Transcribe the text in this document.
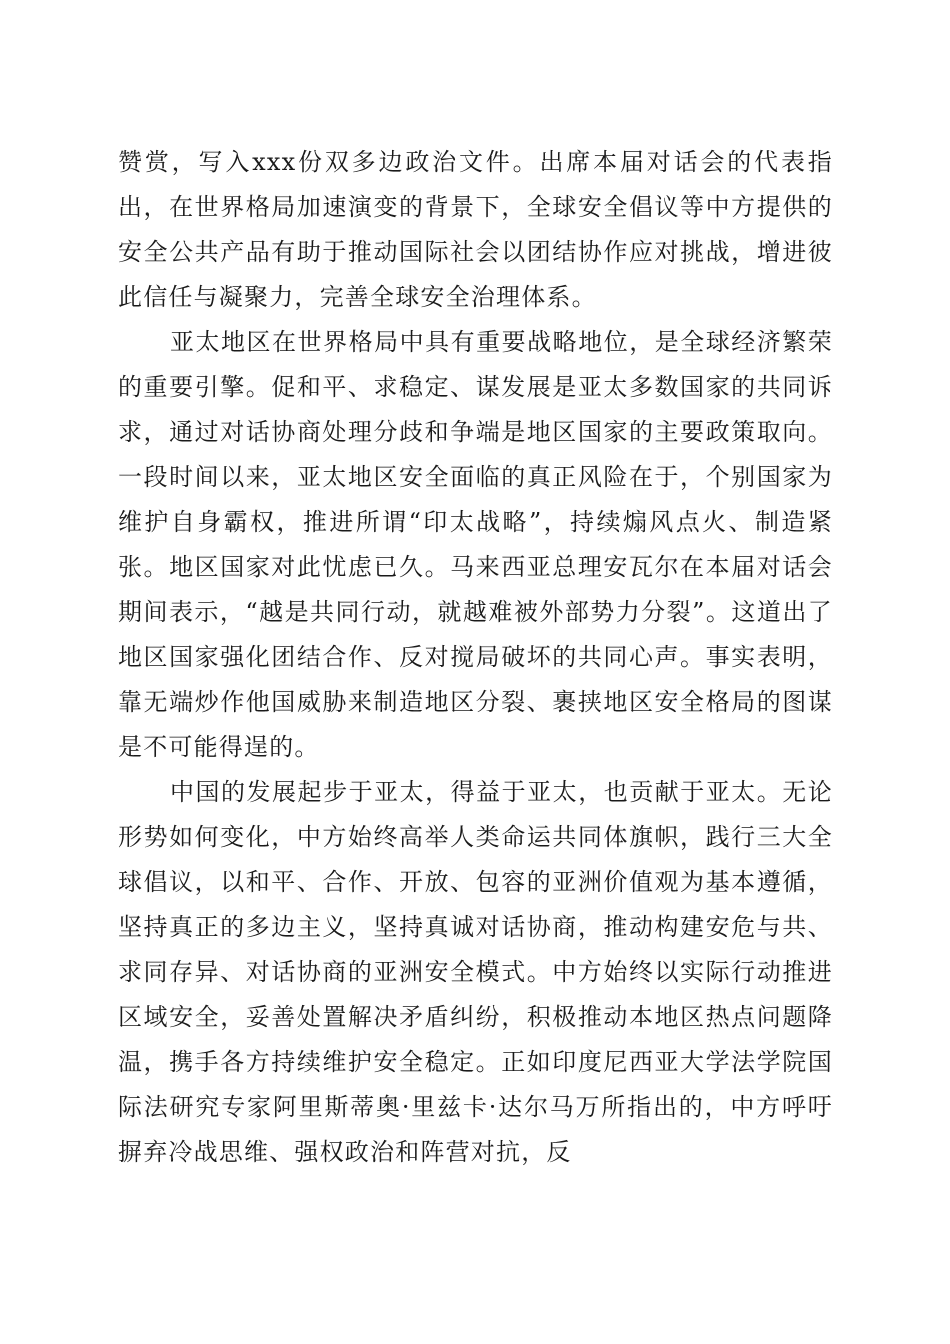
赞赏，写入xxx份双多边政治文件。出席本届对话会的代表指出，在世界格局加速演变的背景下，全球安全倡议等中方提供的安全公共产品有助于推动国际社会以团结协作应对挑战，增进彼此信任与凝聚力，完善全球安全治理体系。

亚太地区在世界格局中具有重要战略地位，是全球经济繁荣的重要引擎。促和平、求稳定、谋发展是亚太多数国家的共同诉求，通过对话协商处理分歧和争端是地区国家的主要政策取向。一段时间以来，亚太地区安全面临的真正风险在于，个别国家为维护自身霸权，推进所谓“印太战略”，持续煽风点火、制造紧张。地区国家对此忧虑已久。马来西亚总理安瓦尔在本届对话会期间表示，“越是共同行动，就越难被外部势力分裂”。这道出了地区国家强化团结合作、反对搅局破坏的共同心声。事实表明，靠无端炒作他国威胁来制造地区分裂、裹挟地区安全格局的图谋是不可能得逞的。

中国的发展起步于亚太，得益于亚太，也贡献于亚太。无论形势如何变化，中方始终高举人类命运共同体旗帜，践行三大全球倡议，以和平、合作、开放、包容的亚洲价值观为基本遵循，坚持真正的多边主义，坚持真诚对话协商，推动构建安危与共、求同存异、对话协商的亚洲安全模式。中方始终以实际行动推进区域安全，妥善处置解决矛盾纠纷，积极推动本地区热点问题降温，携手各方持续维护安全稳定。正如印度尼西亚大学法学院国际法研究专家阿里斯蒂奥·里兹卡·达尔马万所指出的，中方呼吁摒弃冷战思维、强权政治和阵营对抗，反
